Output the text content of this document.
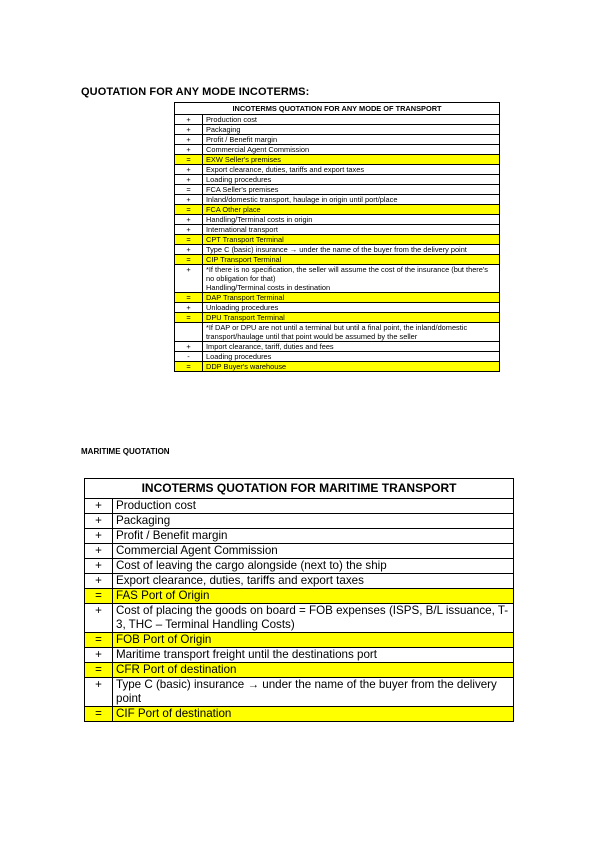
QUOTATION FOR ANY MODE INCOTERMS:
INCOTERMS QUOTATION FOR ANY MODE OF TRANSPORT	
+	Production cost
+	Packaging
+	Profit / Benefit margin
+	Commercial Agent Commission
=	EXW Seller's premises
+	Export clearance, duties, tariffs and export taxes
+	Loading procedures
=	FCA Seller's premises
+	Inland/domestic transport, haulage in origin until port/place
=	FCA Other place
+	Handling/Terminal costs in origin
+	International transport
=	CPT Transport Terminal
+	Type C (basic) insurance → under the name of the buyer from the delivery point
=	CIP Transport Terminal
+	*If there is no specification, the seller will assume the cost of the insurance (but there's no obligation for that)
Handling/Terminal costs in destination
=	DAP Transport Terminal
+	Unloading procedures
=	DPU Transport Terminal
	*If DAP or DPU are not until a terminal but until a final point, the inland/domestic transport/haulage until that point would be assumed by the seller
+	Import clearance, tariff, duties and fees
-	Loading procedures
=	DDP Buyer's warehouse
MARITIME QUOTATION
INCOTERMS QUOTATION FOR MARITIME TRANSPORT	
+	Production cost
+	Packaging
+	Profit / Benefit margin
+	Commercial Agent Commission
+	Cost of leaving the cargo alongside (next to) the ship
+	Export clearance, duties, tariffs and export taxes
=	FAS Port of Origin
+	Cost of placing the goods on board = FOB expenses (ISPS, B/L issuance, T-3, THC – Terminal Handling Costs)
=	FOB Port of Origin
+	Maritime transport freight until the destinations port
=	CFR Port of destination
+	Type C (basic) insurance → under the name of the buyer from the delivery point
=	CIF Port of destination
